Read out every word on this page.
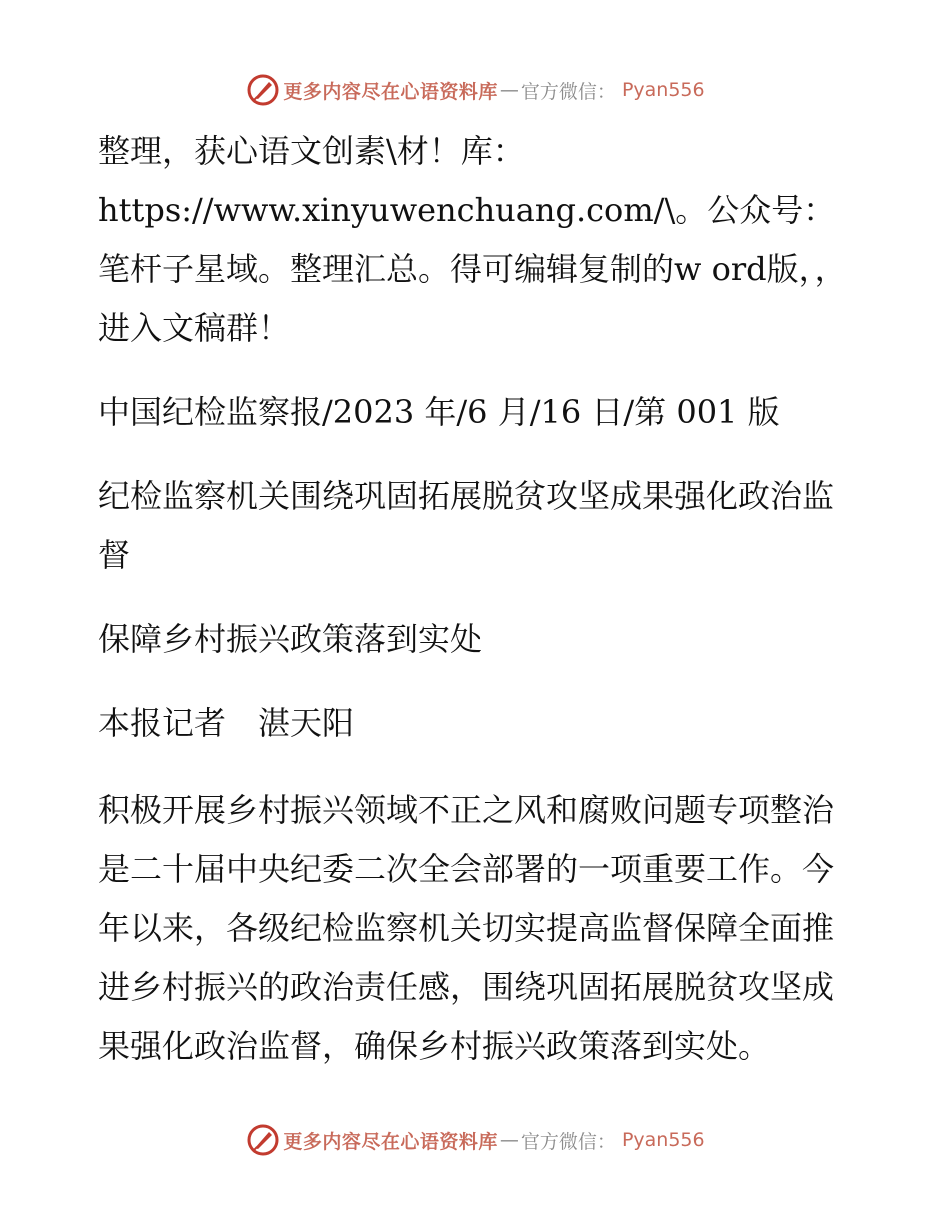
更多内容尽在心语资料库 — 官方微信： Pyan556

整理，获心语文创素\材！库：https://www.xinyuwenchuang.com/\。公众号：笔杆子星域。整理汇总。得可编辑复制的w ord版，，进入文稿群！

中国纪检监察报/2023 年/6 月/16 日/第 001 版

纪检监察机关围绕巩固拓展脱贫攻坚成果强化政治监督

保障乡村振兴政策落到实处

本报记者　湛天阳

积极开展乡村振兴领域不正之风和腐败问题专项整治是二十届中央纪委二次全会部署的一项重要工作。今年以来，各级纪检监察机关切实提高监督保障全面推进乡村振兴的政治责任感，围绕巩固拓展脱贫攻坚成果强化政治监督，确保乡村振兴政策落到实处。

更多内容尽在心语资料库 — 官方微信： Pyan556
